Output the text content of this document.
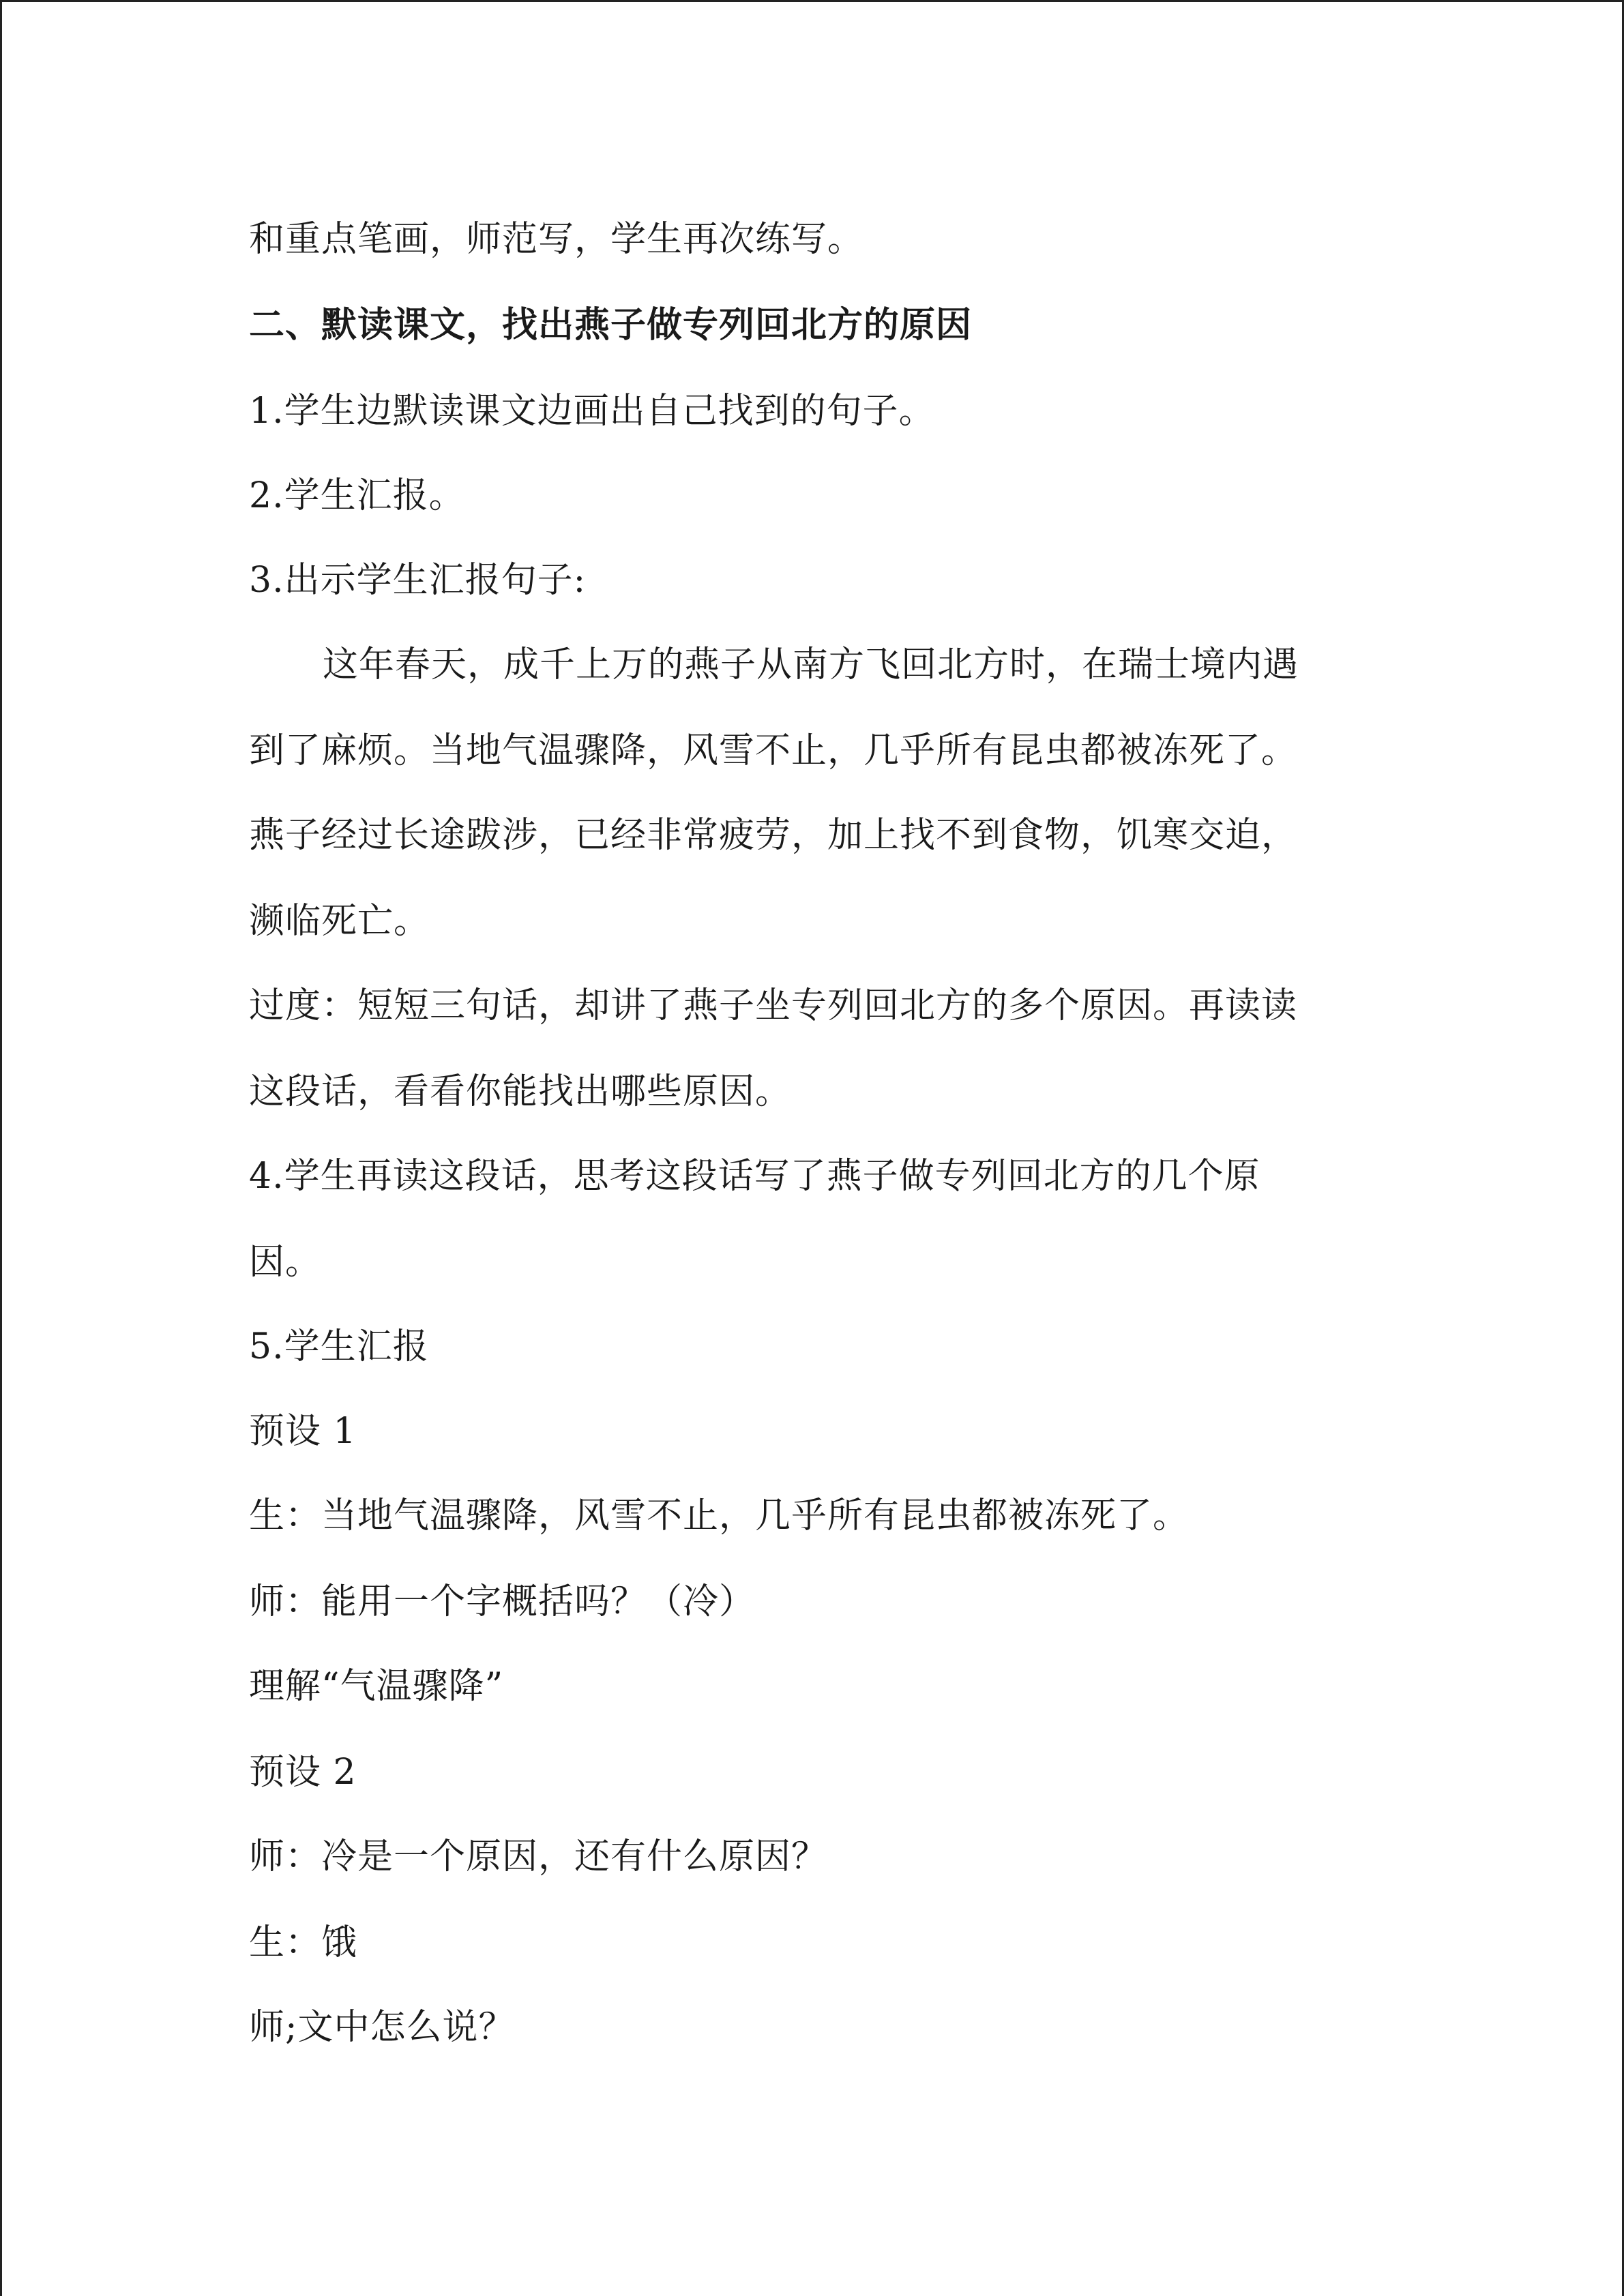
和重点笔画，师范写，学生再次练写。
二、默读课文，找出燕子做专列回北方的原因
1.学生边默读课文边画出自己找到的句子。
2.学生汇报。
3.出示学生汇报句子:
这年春天，成千上万的燕子从南方飞回北方时，在瑞士境内遇
到了麻烦。当地气温骤降，风雪不止，几乎所有昆虫都被冻死了。
燕子经过长途跋涉，已经非常疲劳，加上找不到食物，饥寒交迫，
濒临死亡。
过度：短短三句话，却讲了燕子坐专列回北方的多个原因。再读读
这段话，看看你能找出哪些原因。
4.学生再读这段话，思考这段话写了燕子做专列回北方的几个原
因。
5.学生汇报
预设 1
生：当地气温骤降，风雪不止，几乎所有昆虫都被冻死了。
师：能用一个字概括吗？（冷）
理解“气温骤降”
预设 2
师：冷是一个原因，还有什么原因？
生：饿
师;文中怎么说？
